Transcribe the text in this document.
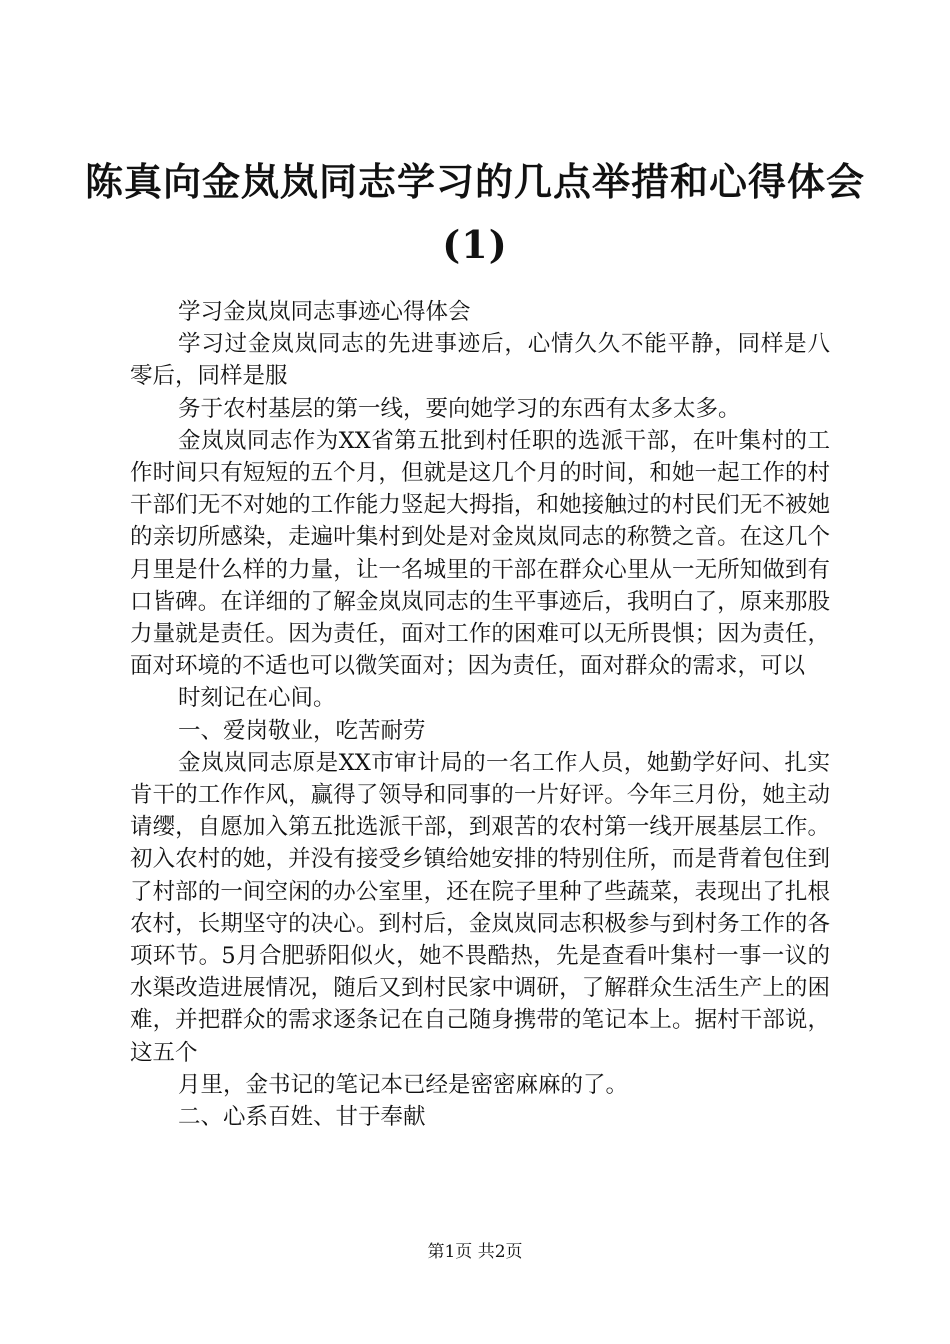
陈真向金岚岚同志学习的几点举措和心得体会
(1)

学习金岚岚同志事迹心得体会

学习过金岚岚同志的先进事迹后，心情久久不能平静，同样是八零后，同样是服

务于农村基层的第一线，要向她学习的东西有太多太多。

金岚岚同志作为XX省第五批到村任职的选派干部，在叶集村的工作时间只有短短的五个月，但就是这几个月的时间，和她一起工作的村干部们无不对她的工作能力竖起大拇指，和她接触过的村民们无不被她的亲切所感染，走遍叶集村到处是对金岚岚同志的称赞之音。在这几个月里是什么样的力量，让一名城里的干部在群众心里从一无所知做到有口皆碑。在详细的了解金岚岚同志的生平事迹后，我明白了，原来那股力量就是责任。因为责任，面对工作的困难可以无所畏惧；因为责任，面对环境的不适也可以微笑面对；因为责任，面对群众的需求，可以

时刻记在心间。

一、爱岗敬业，吃苦耐劳

金岚岚同志原是XX市审计局的一名工作人员，她勤学好问、扎实肯干的工作作风，赢得了领导和同事的一片好评。今年三月份，她主动请缨，自愿加入第五批选派干部，到艰苦的农村第一线开展基层工作。初入农村的她，并没有接受乡镇给她安排的特别住所，而是背着包住到了村部的一间空闲的办公室里，还在院子里种了些蔬菜，表现出了扎根农村，长期坚守的决心。到村后，金岚岚同志积极参与到村务工作的各项环节。5月合肥骄阳似火，她不畏酷热，先是查看叶集村一事一议的水渠改造进展情况，随后又到村民家中调研，了解群众生活生产上的困难，并把群众的需求逐条记在自己随身携带的笔记本上。据村干部说，这五个

月里，金书记的笔记本已经是密密麻麻的了。

二、心系百姓、甘于奉献

第1页 共2页
